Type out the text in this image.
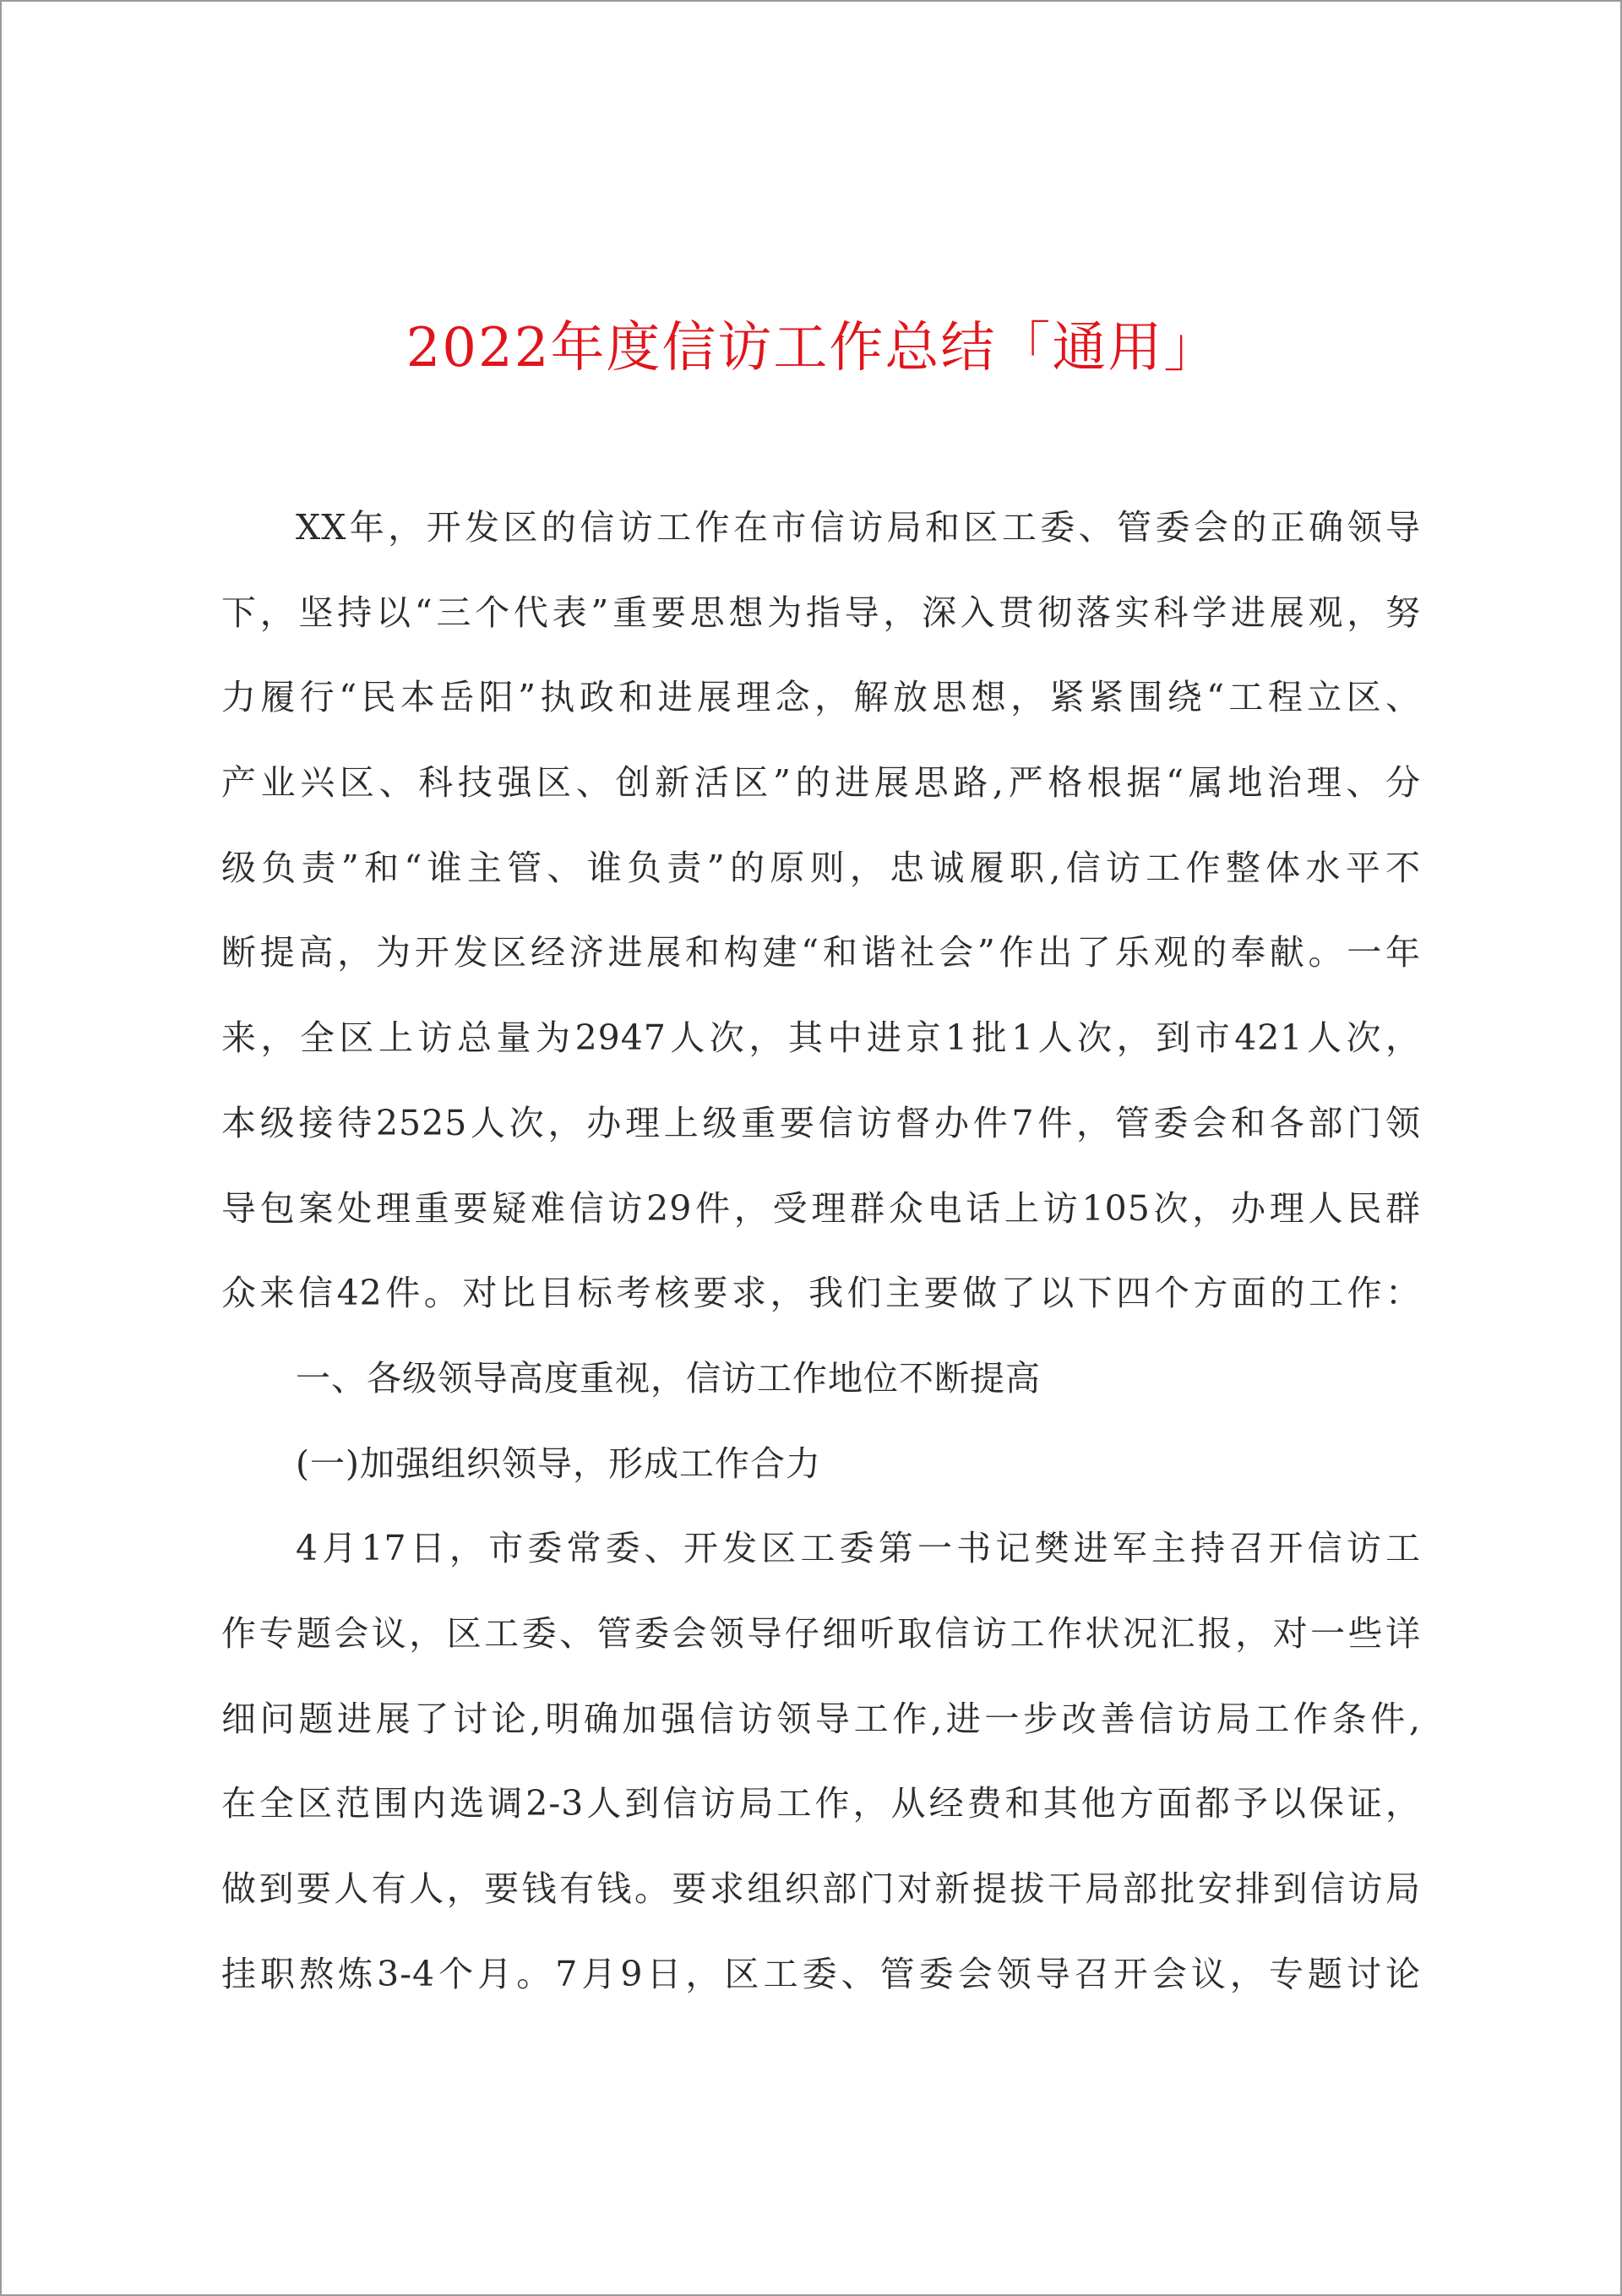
2022年度信访工作总结「通用」
XX年，开发区的信访工作在市信访局和区工委、管委会的正确领导
下，坚持以“三个代表”重要思想为指导，深入贯彻落实科学进展观，努
力履行“民本岳阳”执政和进展理念，解放思想，紧紧围绕“工程立区、
产业兴区、科技强区、创新活区”的进展思路,严格根据“属地治理、分
级负责”和“谁主管、谁负责”的原则，忠诚履职,信访工作整体水平不
断提高，为开发区经济进展和构建“和谐社会”作出了乐观的奉献。一年
来，全区上访总量为2947人次，其中进京1批1人次，到市421人次，
本级接待2525人次，办理上级重要信访督办件7件，管委会和各部门领
导包案处理重要疑难信访29件，受理群众电话上访105次，办理人民群
众来信42件。对比目标考核要求，我们主要做了以下四个方面的工作：
一、各级领导高度重视，信访工作地位不断提高
(一)加强组织领导，形成工作合力
4月17日，市委常委、开发区工委第一书记樊进军主持召开信访工
作专题会议，区工委、管委会领导仔细听取信访工作状况汇报，对一些详
细问题进展了讨论,明确加强信访领导工作,进一步改善信访局工作条件,
在全区范围内选调2-3人到信访局工作，从经费和其他方面都予以保证，
做到要人有人，要钱有钱。要求组织部门对新提拔干局部批安排到信访局
挂职熬炼3-4个月。7月9日，区工委、管委会领导召开会议，专题讨论
